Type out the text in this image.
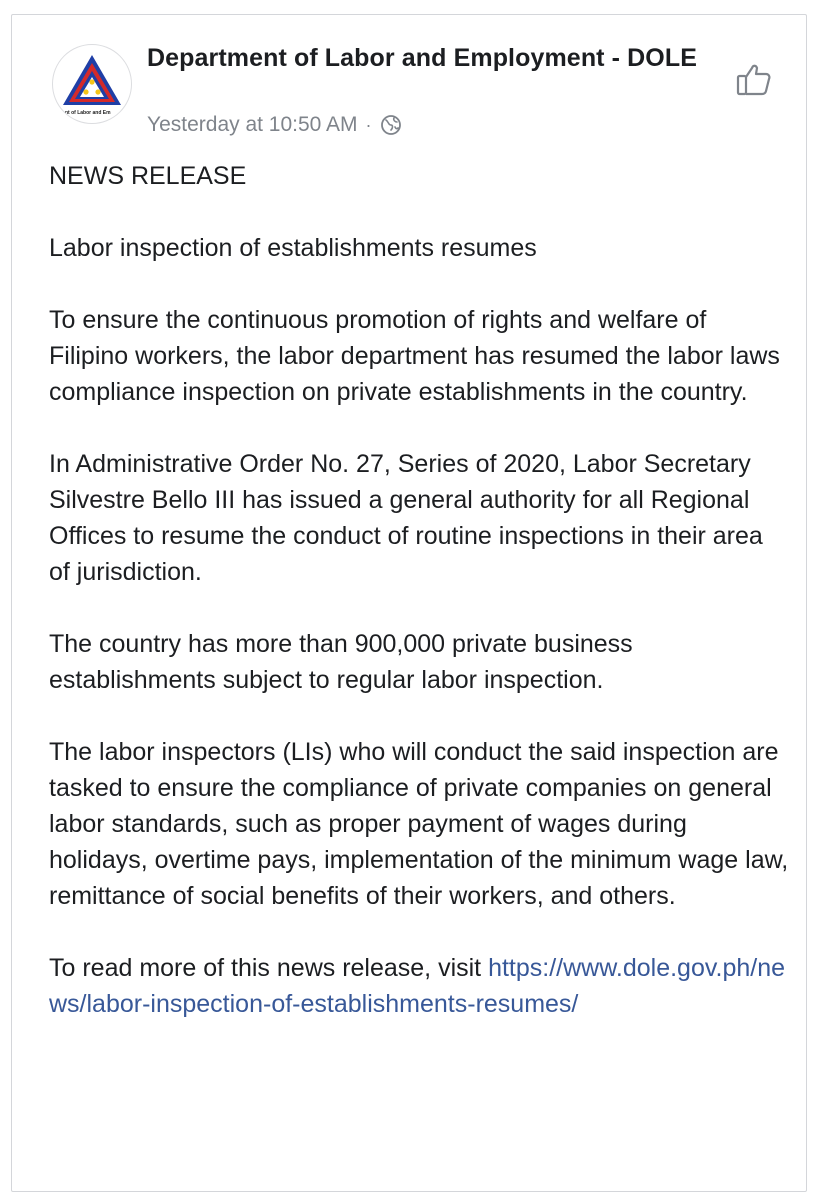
nt of Labor and Em
Department of Labor and Employment - DOLE
Yesterday at 10:50 AM ·

NEWS RELEASE

Labor inspection of establishments resumes

To ensure the continuous promotion of rights and welfare of Filipino workers, the labor department has resumed the labor laws compliance inspection on private establishments in the country.

In Administrative Order No. 27, Series of 2020, Labor Secretary Silvestre Bello III has issued a general authority for all Regional Offices to resume the conduct of routine inspections in their area of jurisdiction.

The country has more than 900,000 private business establishments subject to regular labor inspection.

The labor inspectors (LIs) who will conduct the said inspection are tasked to ensure the compliance of private companies on general labor standards, such as proper payment of wages during holidays, overtime pays, implementation of the minimum wage law, remittance of social benefits of their workers, and others.

To read more of this news release, visit https://www.dole.gov.ph/news/labor-inspection-of-establishments-resumes/
